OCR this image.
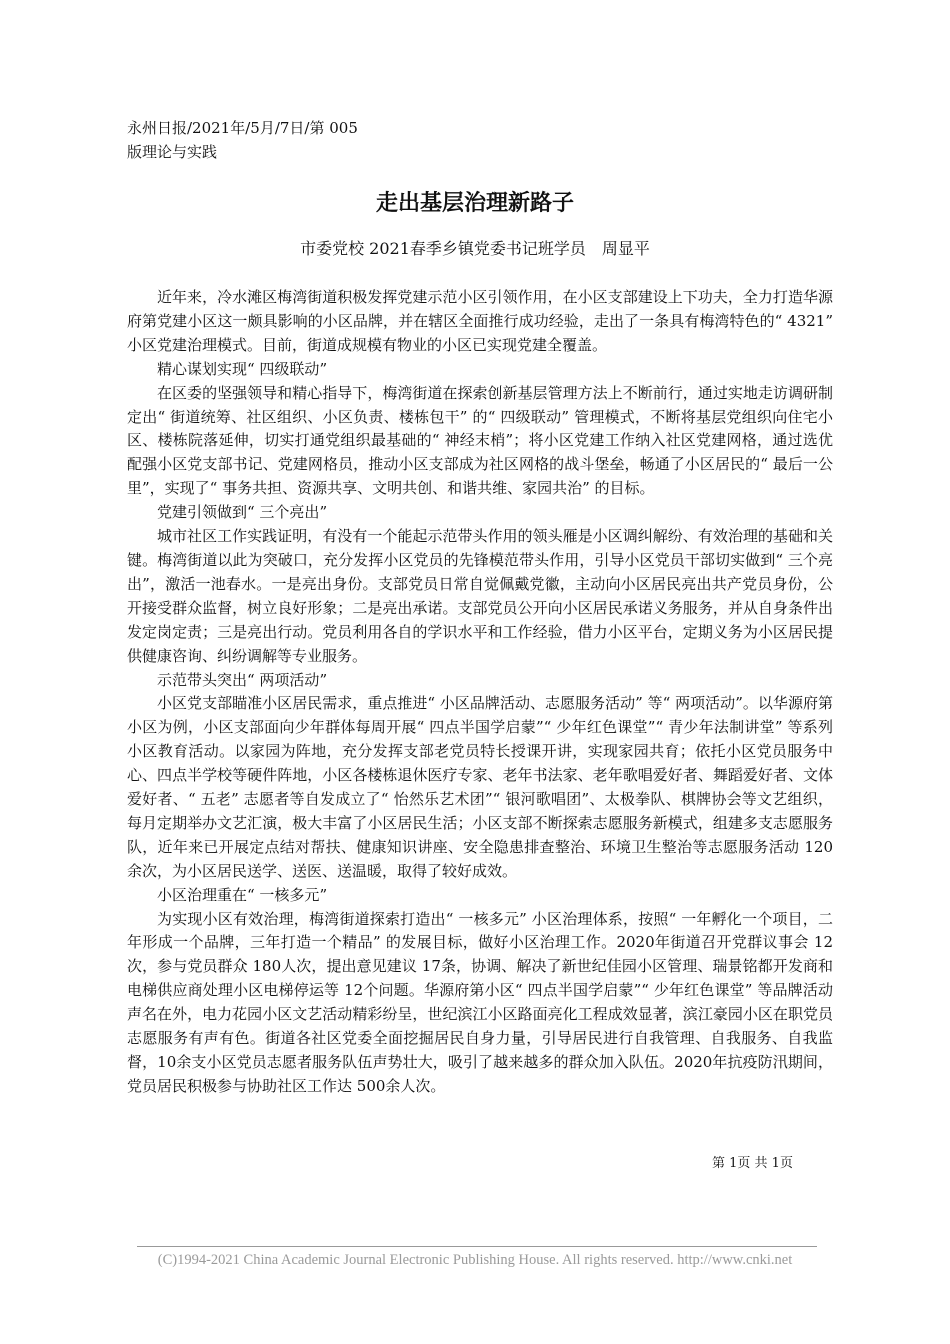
永州日报/2021年/5月/7日/第 005
版理论与实践
走出基层治理新路子
市委党校 2021春季乡镇党委书记班学员　周显平

近年来，冷水滩区梅湾街道积极发挥党建示范小区引领作用，在小区支部建设上下功夫，全力打造华源府第党建小区这一颇具影响的小区品牌，并在辖区全面推行成功经验，走出了一条具有梅湾特色的“ 4321” 小区党建治理模式。目前，街道成规模有物业的小区已实现党建全覆盖。

精心谋划实现“ 四级联动”

在区委的坚强领导和精心指导下，梅湾街道在探索创新基层管理方法上不断前行，通过实地走访调研制定出“ 街道统筹、社区组织、小区负责、楼栋包干” 的“ 四级联动” 管理模式，不断将基层党组织向住宅小区、楼栋院落延伸，切实打通党组织最基础的“ 神经末梢”；将小区党建工作纳入社区党建网格，通过选优配强小区党支部书记、党建网格员，推动小区支部成为社区网格的战斗堡垒，畅通了小区居民的“ 最后一公里”，实现了“ 事务共担、资源共享、文明共创、和谐共维、家园共治” 的目标。

党建引领做到“ 三个亮出”

城市社区工作实践证明，有没有一个能起示范带头作用的领头雁是小区调纠解纷、有效治理的基础和关键。梅湾街道以此为突破口，充分发挥小区党员的先锋模范带头作用，引导小区党员干部切实做到“ 三个亮出”，激活一池春水。一是亮出身份。支部党员日常自觉佩戴党徽，主动向小区居民亮出共产党员身份，公开接受群众监督，树立良好形象；二是亮出承诺。支部党员公开向小区居民承诺义务服务，并从自身条件出发定岗定责；三是亮出行动。党员利用各自的学识水平和工作经验，借力小区平台，定期义务为小区居民提供健康咨询、纠纷调解等专业服务。

示范带头突出“ 两项活动”

小区党支部瞄准小区居民需求，重点推进“ 小区品牌活动、志愿服务活动” 等“ 两项活动”。以华源府第小区为例，小区支部面向少年群体每周开展“ 四点半国学启蒙”“ 少年红色课堂”“ 青少年法制讲堂” 等系列小区教育活动。以家园为阵地，充分发挥支部老党员特长授课开讲，实现家园共育；依托小区党员服务中心、四点半学校等硬件阵地，小区各楼栋退休医疗专家、老年书法家、老年歌唱爱好者、舞蹈爱好者、文体爱好者、“ 五老” 志愿者等自发成立了“ 怡然乐艺术团”“ 银河歌唱团”、太极拳队、棋牌协会等文艺组织，每月定期举办文艺汇演，极大丰富了小区居民生活；小区支部不断探索志愿服务新模式，组建多支志愿服务队，近年来已开展定点结对帮扶、健康知识讲座、安全隐患排查整治、环境卫生整治等志愿服务活动 120余次，为小区居民送学、送医、送温暖，取得了较好成效。

小区治理重在“ 一核多元”

为实现小区有效治理，梅湾街道探索打造出“ 一核多元” 小区治理体系，按照“ 一年孵化一个项目，二年形成一个品牌，三年打造一个精品” 的发展目标，做好小区治理工作。2020年街道召开党群议事会 12次，参与党员群众 180人次，提出意见建议 17条，协调、解决了新世纪佳园小区管理、瑞景铭都开发商和电梯供应商处理小区电梯停运等 12个问题。华源府第小区“ 四点半国学启蒙”“ 少年红色课堂” 等品牌活动声名在外，电力花园小区文艺活动精彩纷呈，世纪滨江小区路面亮化工程成效显著，滨江豪园小区在职党员志愿服务有声有色。街道各社区党委全面挖掘居民自身力量，引导居民进行自我管理、自我服务、自我监督，10余支小区党员志愿者服务队伍声势壮大，吸引了越来越多的群众加入队伍。2020年抗疫防汛期间，党员居民积极参与协助社区工作达 500余人次。

第 1页 共 1页
(C)1994-2021 China Academic Journal Electronic Publishing House. All rights reserved. http://www.cnki.net
